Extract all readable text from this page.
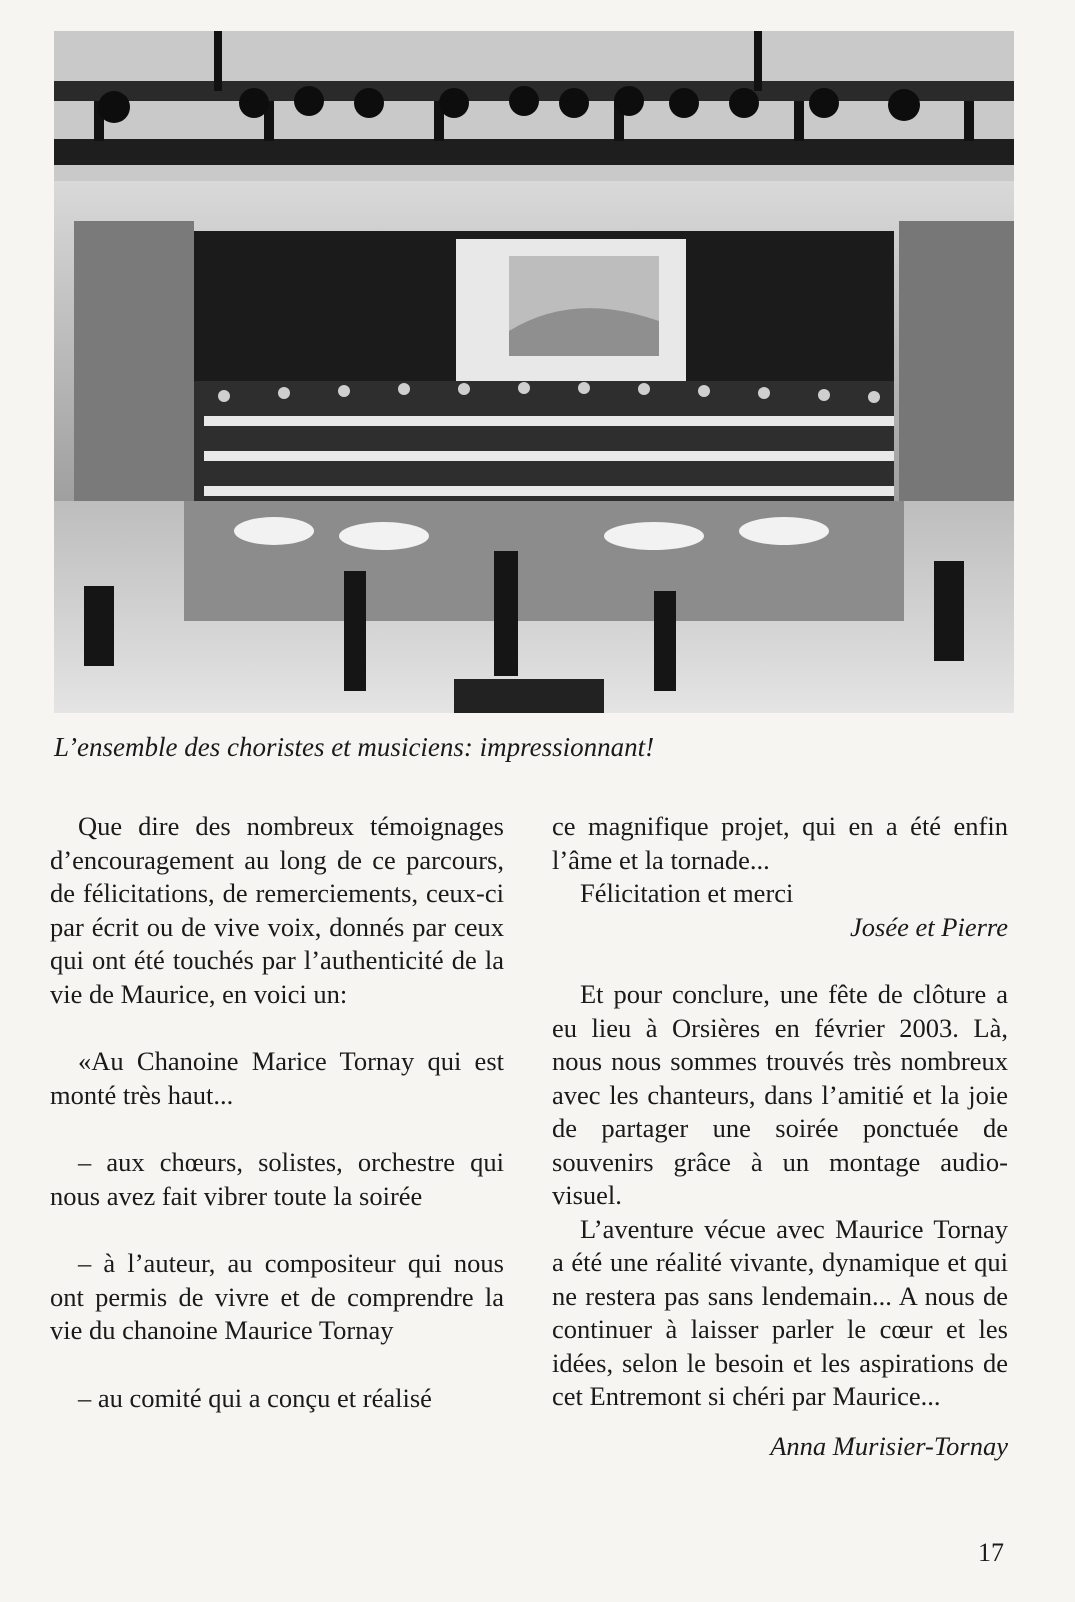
L’ensemble des choristes et musiciens: impressionnant!

Que dire des nombreux témoignages d’encouragement au long de ce parcours, de félicitations, de remerciements, ceux-ci par écrit ou de vive voix, donnés par ceux qui ont été touchés par l’authenticité de la vie de Maurice, en voici un:

«Au Chanoine Marice Tornay qui est monté très haut...

– aux chœurs, solistes, orchestre qui nous avez fait vibrer toute la soirée

– à l’auteur, au compositeur qui nous ont permis de vivre et de comprendre la vie du chanoine Maurice Tornay

– au comité qui a conçu et réalisé

ce magnifique projet, qui en a été enfin l’âme et la tornade...

Félicitation et merci

Josée et Pierre

Et pour conclure, une fête de clôture a eu lieu à Orsières en février 2003. Là, nous nous sommes trouvés très nombreux avec les chanteurs, dans l’amitié et la joie de partager une soirée ponctuée de souvenirs grâce à un montage audio-visuel.

L’aventure vécue avec Maurice Tornay a été une réalité vivante, dynamique et qui ne restera pas sans lendemain... A nous de continuer à laisser parler le cœur et les idées, selon le besoin et les aspirations de cet Entremont si chéri par Maurice...

Anna Murisier-Tornay

17
